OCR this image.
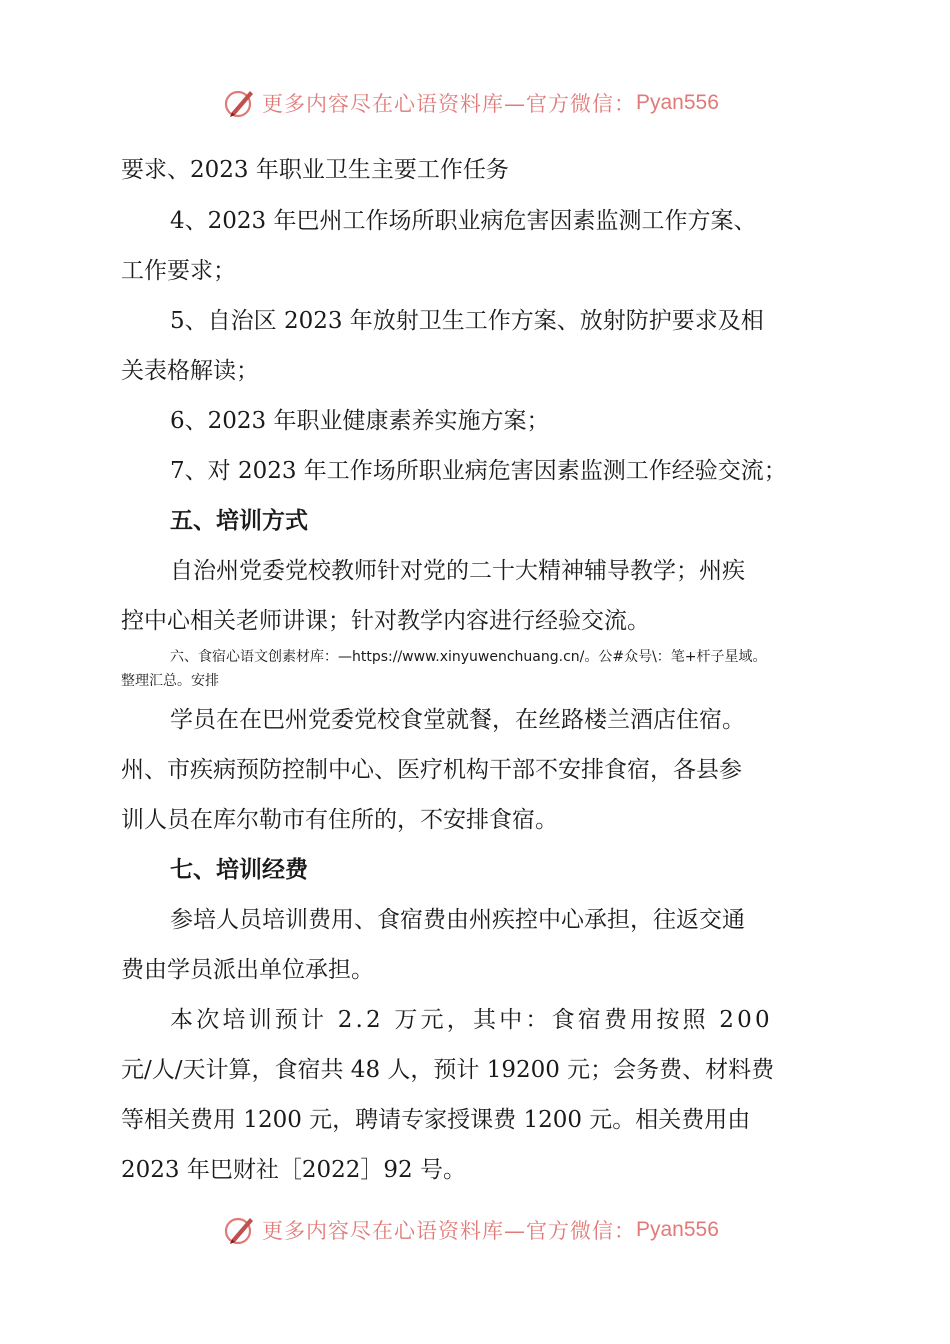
更多内容尽在心语资料库—官方微信： Pyan556
要求、2023 年职业卫生主要工作任务
4、2023 年巴州工作场所职业病危害因素监测工作方案、
工作要求；
5、自治区 2023 年放射卫生工作方案、放射防护要求及相
关表格解读；
6、2023 年职业健康素养实施方案；
7、对 2023 年工作场所职业病危害因素监测工作经验交流；
五、培训方式
自治州党委党校教师针对党的二十大精神辅导教学；州疾
控中心相关老师讲课；针对教学内容进行经验交流。
六、食宿心语文创素材库：—https://www.xinyuwenchuang.cn/。公#众号\：笔+杆子星域。
整理汇总。安排
学员在在巴州党委党校食堂就餐，在丝路楼兰酒店住宿。
州、市疾病预防控制中心、医疗机构干部不安排食宿，各县参
训人员在库尔勒市有住所的，不安排食宿。
七、培训经费
参培人员培训费用、食宿费由州疾控中心承担，往返交通
费由学员派出单位承担。
本次培训预计 2.2 万元，其中：食宿费用按照 200
元/人/天计算，食宿共 48 人，预计 19200 元；会务费、材料费
等相关费用 1200 元，聘请专家授课费 1200 元。相关费用由
2023 年巴财社［2022］92 号。
更多内容尽在心语资料库—官方微信： Pyan556
